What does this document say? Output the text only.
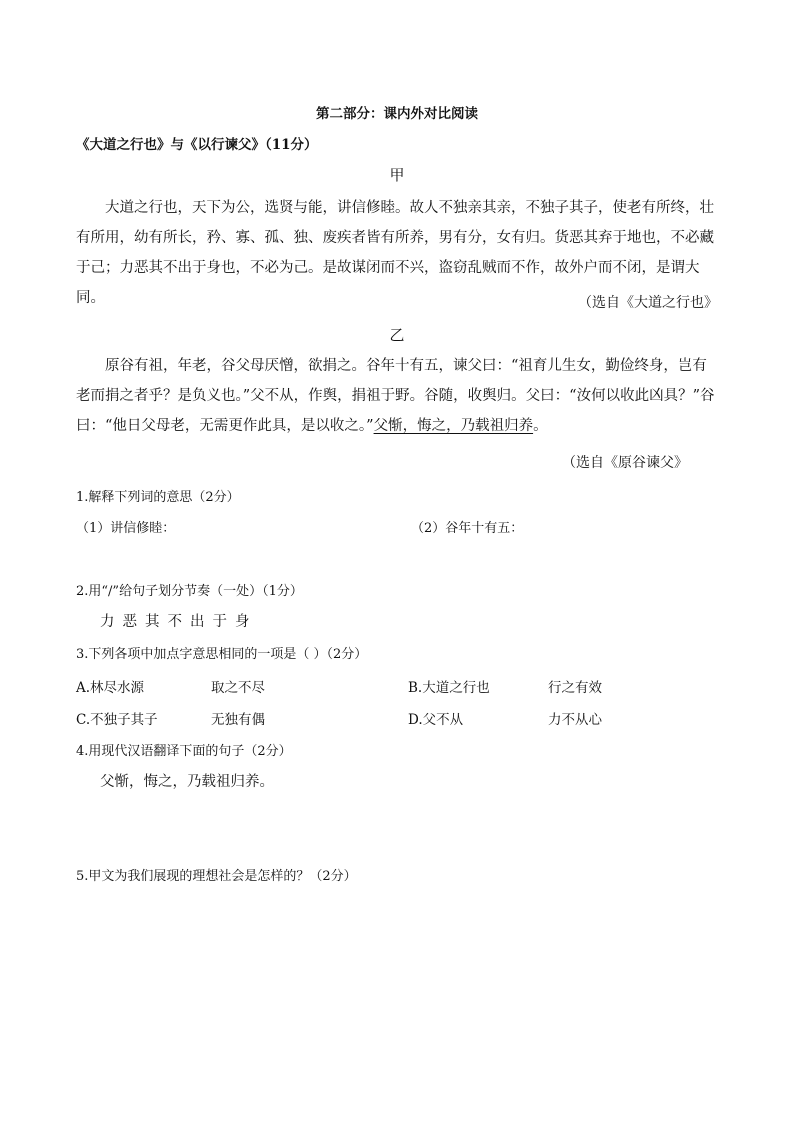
第二部分：课内外对比阅读
《大道之行也》与《以行谏父》（11分）
甲
大道之行也，天下为公，选贤与能，讲信修睦。故人不独亲其亲，不独子其子，使老有所终，壮有所用，幼有所长，矜、寡、孤、独、废疾者皆有所养，男有分，女有归。货恶其弃于地也，不必藏于己；力恶其不出于身也，不必为己。是故谋闭而不兴，盗窃乱贼而不作，故外户而不闭，是谓大同。	（选自《大道之行也》
乙
原谷有祖，年老，谷父母厌憎，欲捐之。谷年十有五，谏父曰：“祖育儿生女，勤俭终身，岂有老而捐之者乎？是负义也。”父不从，作舆，捐祖于野。谷随，收舆归。父曰：“汝何以收此凶具？”谷曰：“他日父母老，无需更作此具，是以收之。”父惭，悔之，乃载祖归养。
（选自《原谷谏父》
1.解释下列词的意思（2分）
（1）讲信修睦：	（2）谷年十有五：
2.用“/”给句子划分节奏（一处）（1分）
力恶其不出于身
3.下列各项中加点字意思相同的一项是（ ）（2分）
A.林尽水源	取之不尽	B.大道之行也	行之有效
C.不独子其子	无独有偶	D.父不从	力不从心
4.用现代汉语翻译下面的句子（2分）
父惭，悔之，乃载祖归养。
5.甲文为我们展现的理想社会是怎样的？（2分）
